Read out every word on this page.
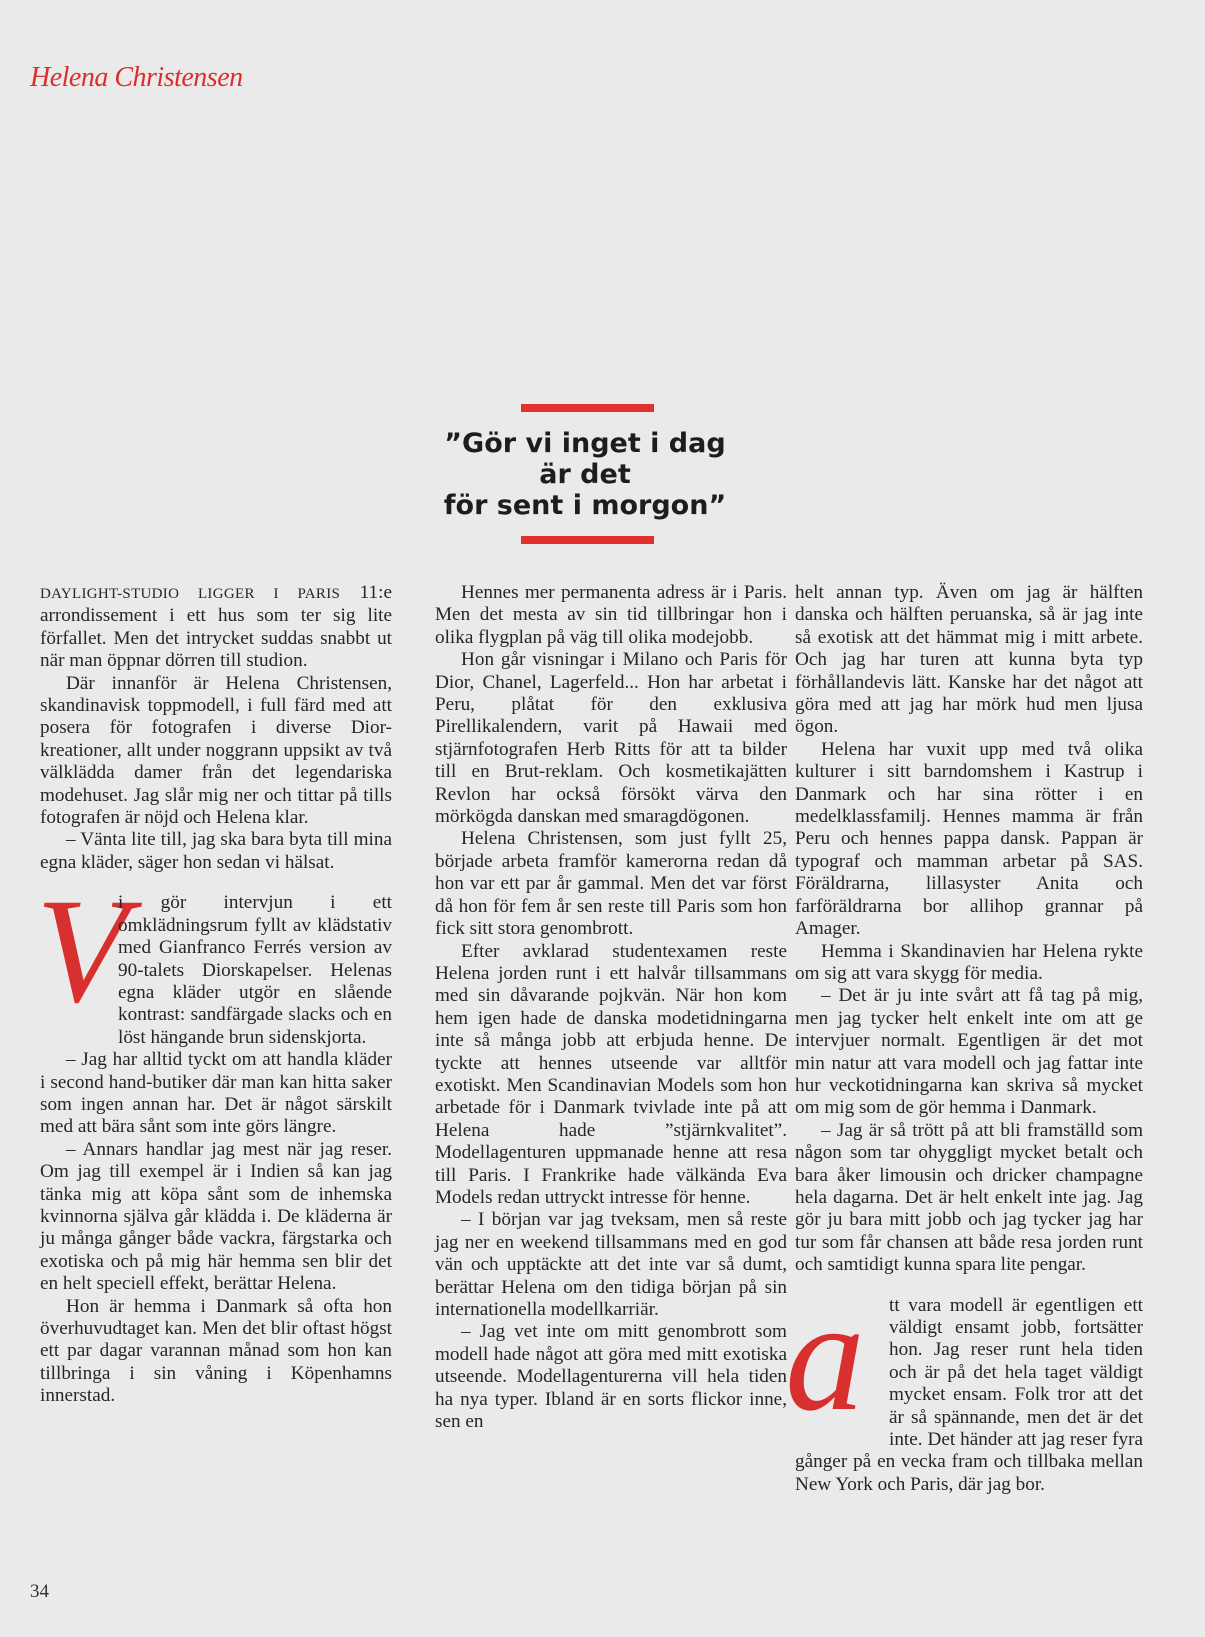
Helena Christensen
”Gör vi inget i dag
är det
för sent i morgon”

DAYLIGHT-STUDIO LIGGER I PARIS 11:e arrondissement i ett hus som ter sig lite förfallet. Men det intrycket suddas snabbt ut när man öppnar dörren till studion.

Där innanför är Helena Christensen, skandinavisk toppmodell, i full färd med att posera för fotografen i diverse Dior-kreationer, allt under noggrann uppsikt av två välklädda damer från det legendariska modehuset. Jag slår mig ner och tittar på tills fotografen är nöjd och Helena klar.

– Vänta lite till, jag ska bara byta till mina egna kläder, säger hon sedan vi hälsat.

V

i gör intervjun i ett omklädningsrum fyllt av klädstativ med Gianfranco Ferrés version av 90-talets Diorskapelser. Helenas egna kläder utgör en slående kontrast: sandfärgade slacks och en löst hängande brun sidenskjorta.

– Jag har alltid tyckt om att handla kläder i second hand-butiker där man kan hitta saker som ingen annan har. Det är något särskilt med att bära sånt som inte görs längre.

– Annars handlar jag mest när jag reser. Om jag till exempel är i Indien så kan jag tänka mig att köpa sånt som de inhemska kvinnorna själva går klädda i. De kläderna är ju många gånger både vackra, färgstarka och exotiska och på mig här hemma sen blir det en helt speciell effekt, berättar Helena.

Hon är hemma i Danmark så ofta hon överhuvudtaget kan. Men det blir oftast högst ett par dagar varannan månad som hon kan tillbringa i sin våning i Köpenhamns innerstad.

Hennes mer permanenta adress är i Paris. Men det mesta av sin tid tillbringar hon i olika flygplan på väg till olika modejobb.

Hon går visningar i Milano och Paris för Dior, Chanel, Lagerfeld... Hon har arbetat i Peru, plåtat för den exklusiva Pirellikalendern, varit på Hawaii med stjärnfotografen Herb Ritts för att ta bilder till en Brut-reklam. Och kosmetikajätten Revlon har också försökt värva den mörkögda danskan med smaragdögonen.

Helena Christensen, som just fyllt 25, började arbeta framför kamerorna redan då hon var ett par år gammal. Men det var först då hon för fem år sen reste till Paris som hon fick sitt stora genombrott.

Efter avklarad studentexamen reste Helena jorden runt i ett halvår tillsammans med sin dåvarande pojkvän. När hon kom hem igen hade de danska modetidningarna inte så många jobb att erbjuda henne. De tyckte att hennes utseende var alltför exotiskt. Men Scandinavian Models som hon arbetade för i Danmark tvivlade inte på att Helena hade ”stjärnkvalitet”. Modellagenturen uppmanade henne att resa till Paris. I Frankrike hade välkända Eva Models redan uttryckt intresse för henne.

– I början var jag tveksam, men så reste jag ner en weekend tillsammans med en god vän och upptäckte att det inte var så dumt, berättar Helena om den tidiga början på sin internationella modellkarriär.

– Jag vet inte om mitt genombrott som modell hade något att göra med mitt exotiska utseende. Modellagenturerna vill hela tiden ha nya typer. Ibland är en sorts flickor inne, sen en

helt annan typ. Även om jag är hälften danska och hälften peruanska, så är jag inte så exotisk att det hämmat mig i mitt arbete. Och jag har turen att kunna byta typ förhållandevis lätt. Kanske har det något att göra med att jag har mörk hud men ljusa ögon.

Helena har vuxit upp med två olika kulturer i sitt barndomshem i Kastrup i Danmark och har sina rötter i en medelklassfamilj. Hennes mamma är från Peru och hennes pappa dansk. Pappan är typograf och mamman arbetar på SAS. Föräldrarna, lillasyster Anita och farföräldrarna bor allihop grannar på Amager.

Hemma i Skandinavien har Helena rykte om sig att vara skygg för media.

– Det är ju inte svårt att få tag på mig, men jag tycker helt enkelt inte om att ge intervjuer normalt. Egentligen är det mot min natur att vara modell och jag fattar inte hur veckotidningarna kan skriva så mycket om mig som de gör hemma i Danmark.

– Jag är så trött på att bli framställd som någon som tar ohyggligt mycket betalt och bara åker limousin och dricker champagne hela dagarna. Det är helt enkelt inte jag. Jag gör ju bara mitt jobb och jag tycker jag har tur som får chansen att både resa jorden runt och samtidigt kunna spara lite pengar.

a	tt vara modell är egentligen ett väldigt ensamt jobb, fortsätter hon. Jag reser runt hela tiden och är på det hela taget väldigt mycket ensam. Folk tror att det är så spännande, men det är det inte. Det händer att jag reser fyra gånger på en vecka fram och tillbaka mellan New York och Paris, där jag bor.

34
